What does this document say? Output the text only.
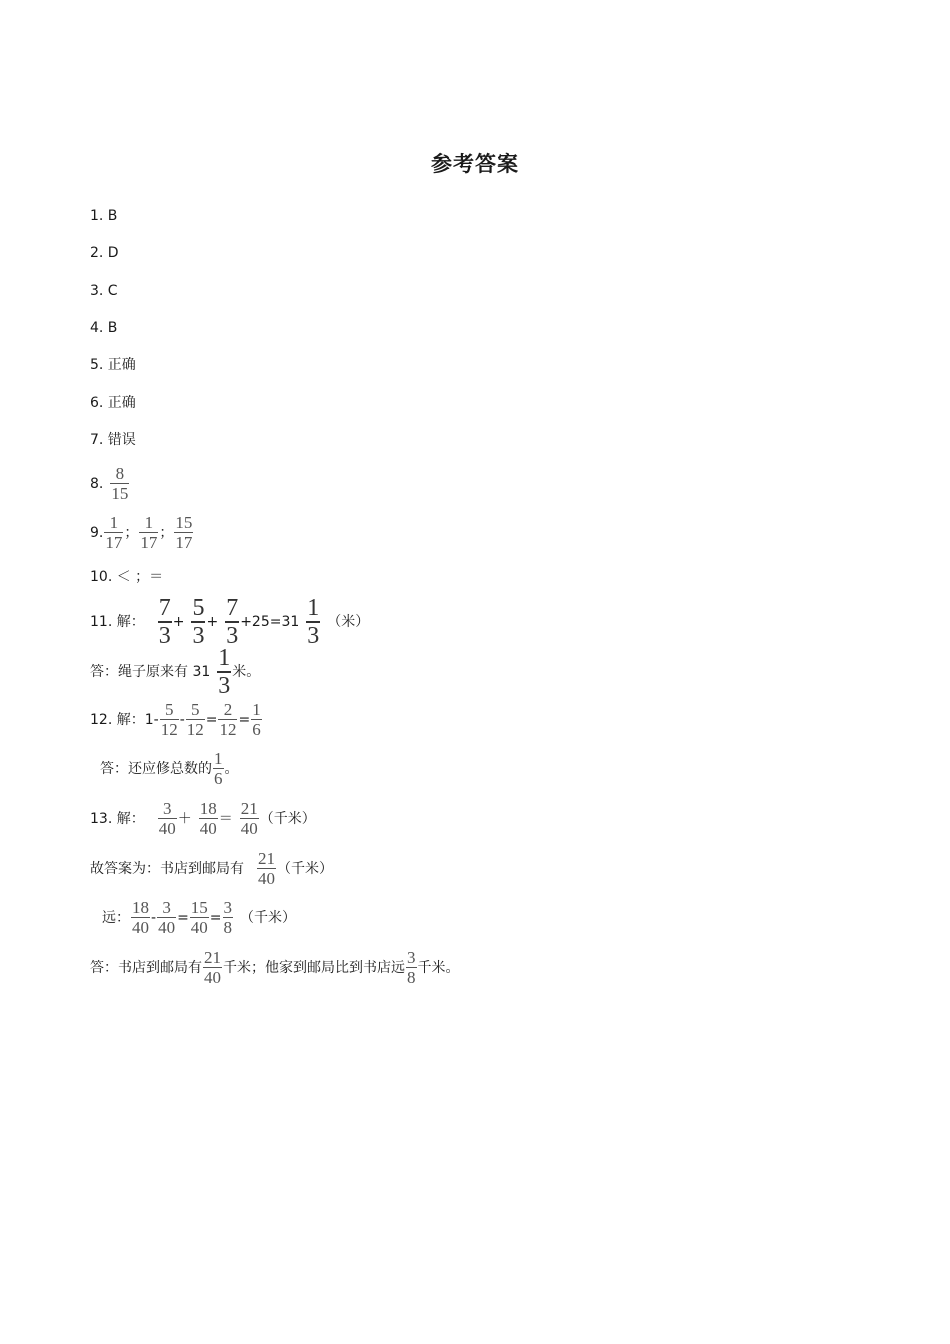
参考答案
1. B
2. D
3. C
4. B
5. 正确
6. 正确
7. 错误
8. $\frac{8}{15}$
9. $\frac{1}{17}$ ； $\frac{1}{17}$ ； $\frac{15}{17}$
10. ＜ ；＝
11. 解： $\frac{7}{3} + \frac{5}{3} + \frac{7}{3} +25=31 \frac{1}{3}$ （米）
答：绳子原来有 $31 \frac{1}{3}$ 米。
12. 解：$1- \frac{5}{12} - \frac{5}{12} = \frac{2}{12} = \frac{1}{6}$
答：还应修总数的 $\frac{1}{6}$ 。
13. 解： $\frac{3}{40} + \frac{18}{40} = \frac{21}{40}$ （千米）
故答案为：书店到邮局有 $\frac{21}{40}$ （千米）
远： $\frac{18}{40} - \frac{3}{40} = \frac{15}{40} = \frac{3}{8}$ （千米）
答：书店到邮局有 $\frac{21}{40}$ 千米；他家到邮局比到书店远 $\frac{3}{8}$ 千米。
